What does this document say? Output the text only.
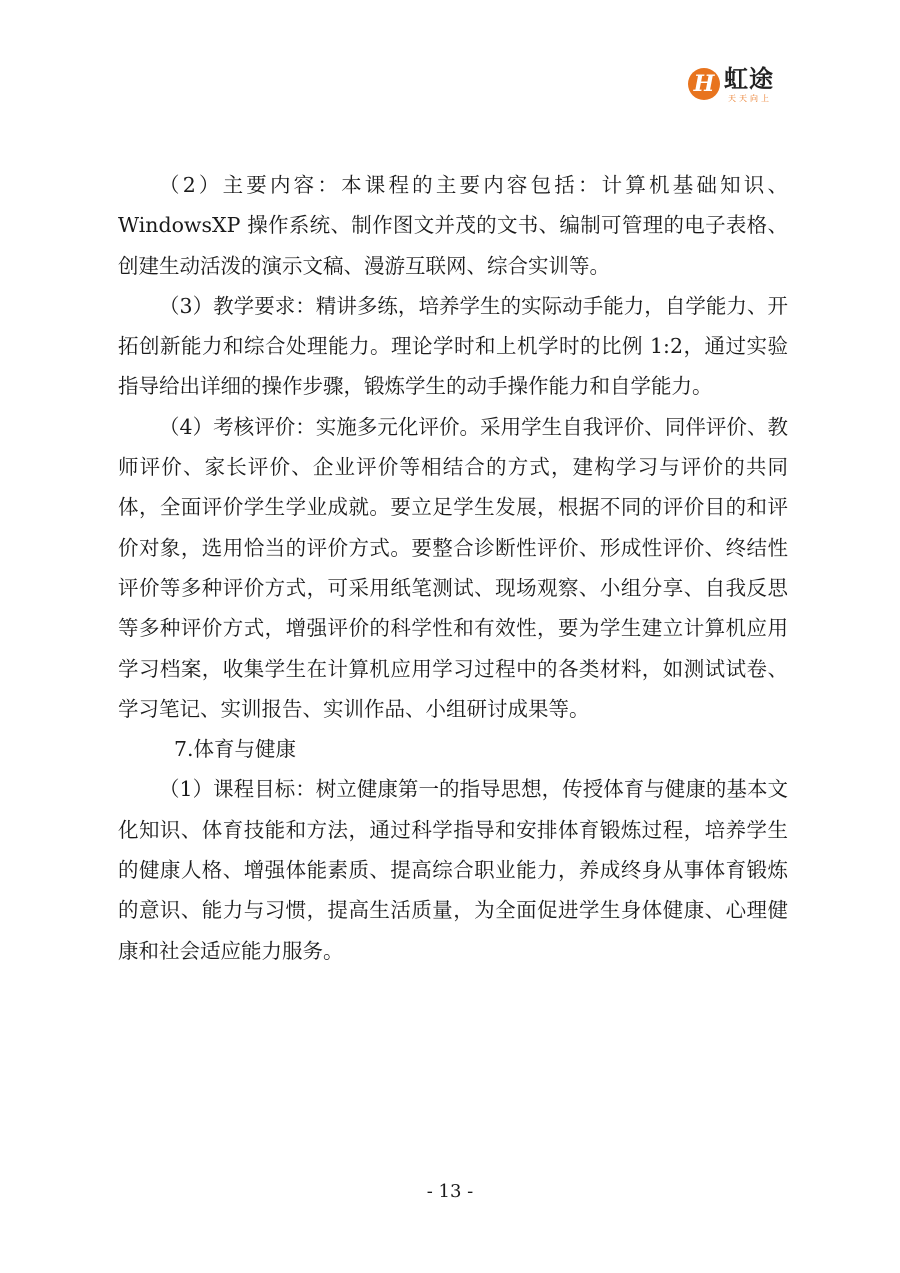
H 虹途
天天向上

（2）主要内容：本课程的主要内容包括：计算机基础知识、WindowsXP 操作系统、制作图文并茂的文书、编制可管理的电子表格、创建生动活泼的演示文稿、漫游互联网、综合实训等。

（3）教学要求：精讲多练，培养学生的实际动手能力，自学能力、开拓创新能力和综合处理能力。理论学时和上机学时的比例 1:2，通过实验指导给出详细的操作步骤，锻炼学生的动手操作能力和自学能力。

（4）考核评价：实施多元化评价。采用学生自我评价、同伴评价、教师评价、家长评价、企业评价等相结合的方式，建构学习与评价的共同体，全面评价学生学业成就。要立足学生发展，根据不同的评价目的和评价对象，选用恰当的评价方式。要整合诊断性评价、形成性评价、终结性评价等多种评价方式，可采用纸笔测试、现场观察、小组分享、自我反思等多种评价方式，增强评价的科学性和有效性，要为学生建立计算机应用学习档案，收集学生在计算机应用学习过程中的各类材料，如测试试卷、学习笔记、实训报告、实训作品、小组研讨成果等。

7.体育与健康

（1）课程目标：树立健康第一的指导思想，传授体育与健康的基本文化知识、体育技能和方法，通过科学指导和安排体育锻炼过程，培养学生的健康人格、增强体能素质、提高综合职业能力，养成终身从事体育锻炼的意识、能力与习惯，提高生活质量，为全面促进学生身体健康、心理健康和社会适应能力服务。

- 13 -
